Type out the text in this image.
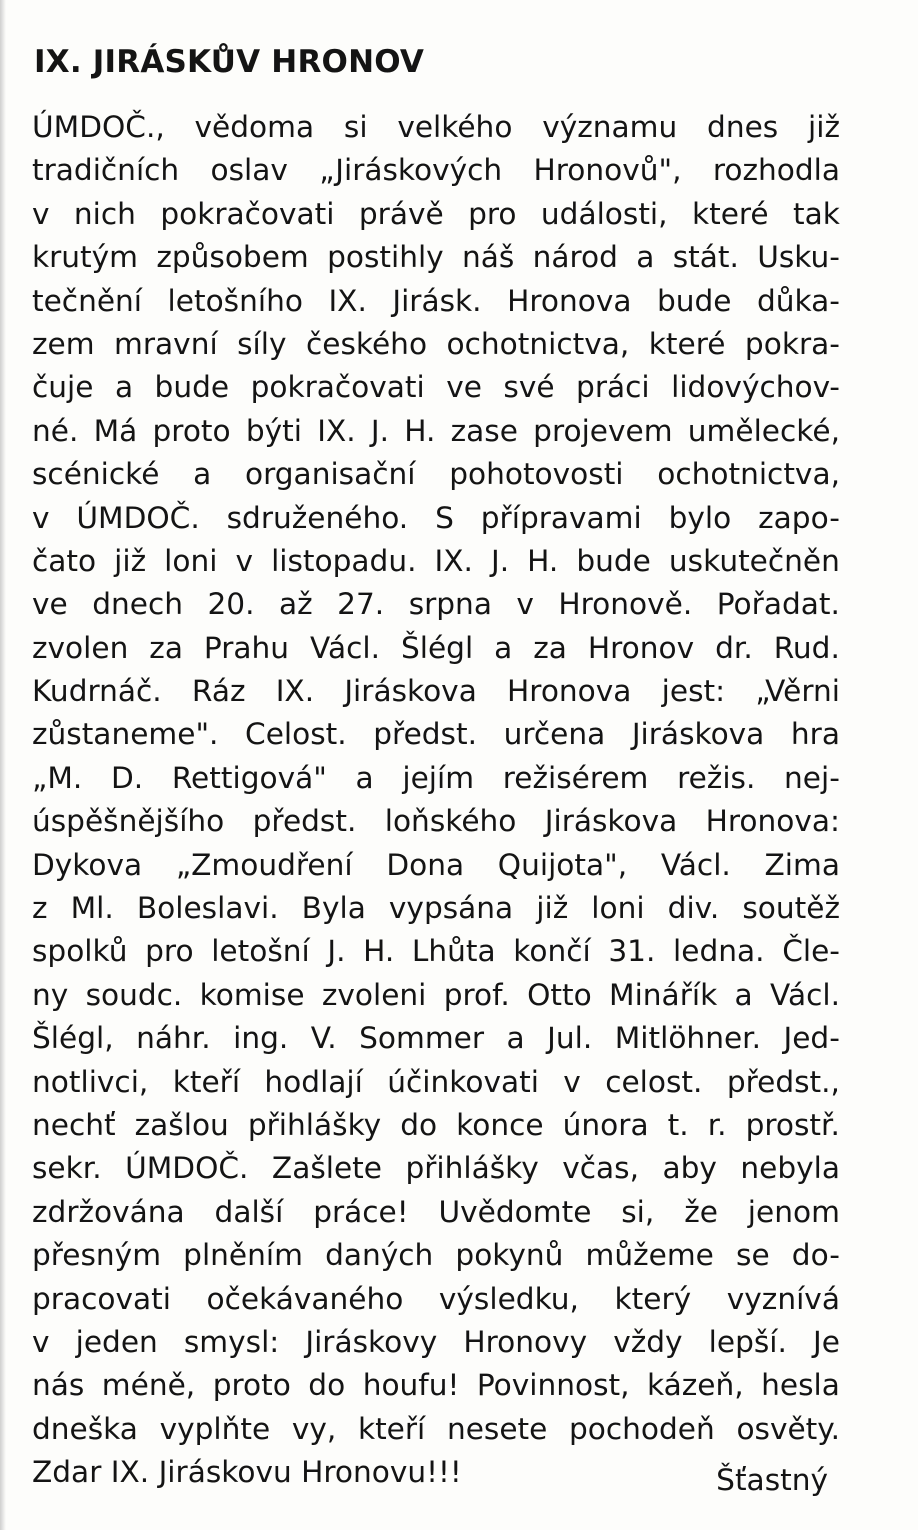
IX. JIRÁSKŮV HRONOV
ÚMDOČ., vědoma si velkého významu dnes již
tradičních oslav „Jiráskových Hronovů", rozhodla
v nich pokračovati právě pro události, které tak
krutým způsobem postihly náš národ a stát. Usku-
tečnění letošního IX. Jirásk. Hronova bude důka-
zem mravní síly českého ochotnictva, které pokra-
čuje a bude pokračovati ve své práci lidovýchov-
né. Má proto býti IX. J. H. zase projevem umělecké,
scénické a organisační pohotovosti ochotnictva,
v ÚMDOČ. sdruženého. S přípravami bylo zapo-
čato již loni v listopadu. IX. J. H. bude uskutečněn
ve dnech 20. až 27. srpna v Hronově. Pořadat.
zvolen za Prahu Václ. Šlégl a za Hronov dr. Rud.
Kudrnáč. Ráz IX. Jiráskova Hronova jest: „Věrni
zůstaneme". Celost. předst. určena Jiráskova hra
„M. D. Rettigová" a jejím režisérem režis. nej-
úspěšnějšího předst. loňského Jiráskova Hronova:
Dykova „Zmoudření Dona Quijota", Václ. Zima
z Ml. Boleslavi. Byla vypsána již loni div. soutěž
spolků pro letošní J. H. Lhůta končí 31. ledna. Čle-
ny soudc. komise zvoleni prof. Otto Minářík a Václ.
Šlégl, náhr. ing. V. Sommer a Jul. Mitlöhner. Jed-
notlivci, kteří hodlají účinkovati v celost. předst.,
nechť zašlou přihlášky do konce února t. r. prostř.
sekr. ÚMDOČ. Zašlete přihlášky včas, aby nebyla
zdržována další práce! Uvědomte si, že jenom
přesným plněním daných pokynů můžeme se do-
pracovati očekávaného výsledku, který vyznívá
v jeden smysl: Jiráskovy Hronovy vždy lepší. Je
nás méně, proto do houfu! Povinnost, kázeň, hesla
dneška vyplňte vy, kteří nesete pochodeň osvěty.
Zdar IX. Jiráskovu Hronovu!!!	Šťastný
